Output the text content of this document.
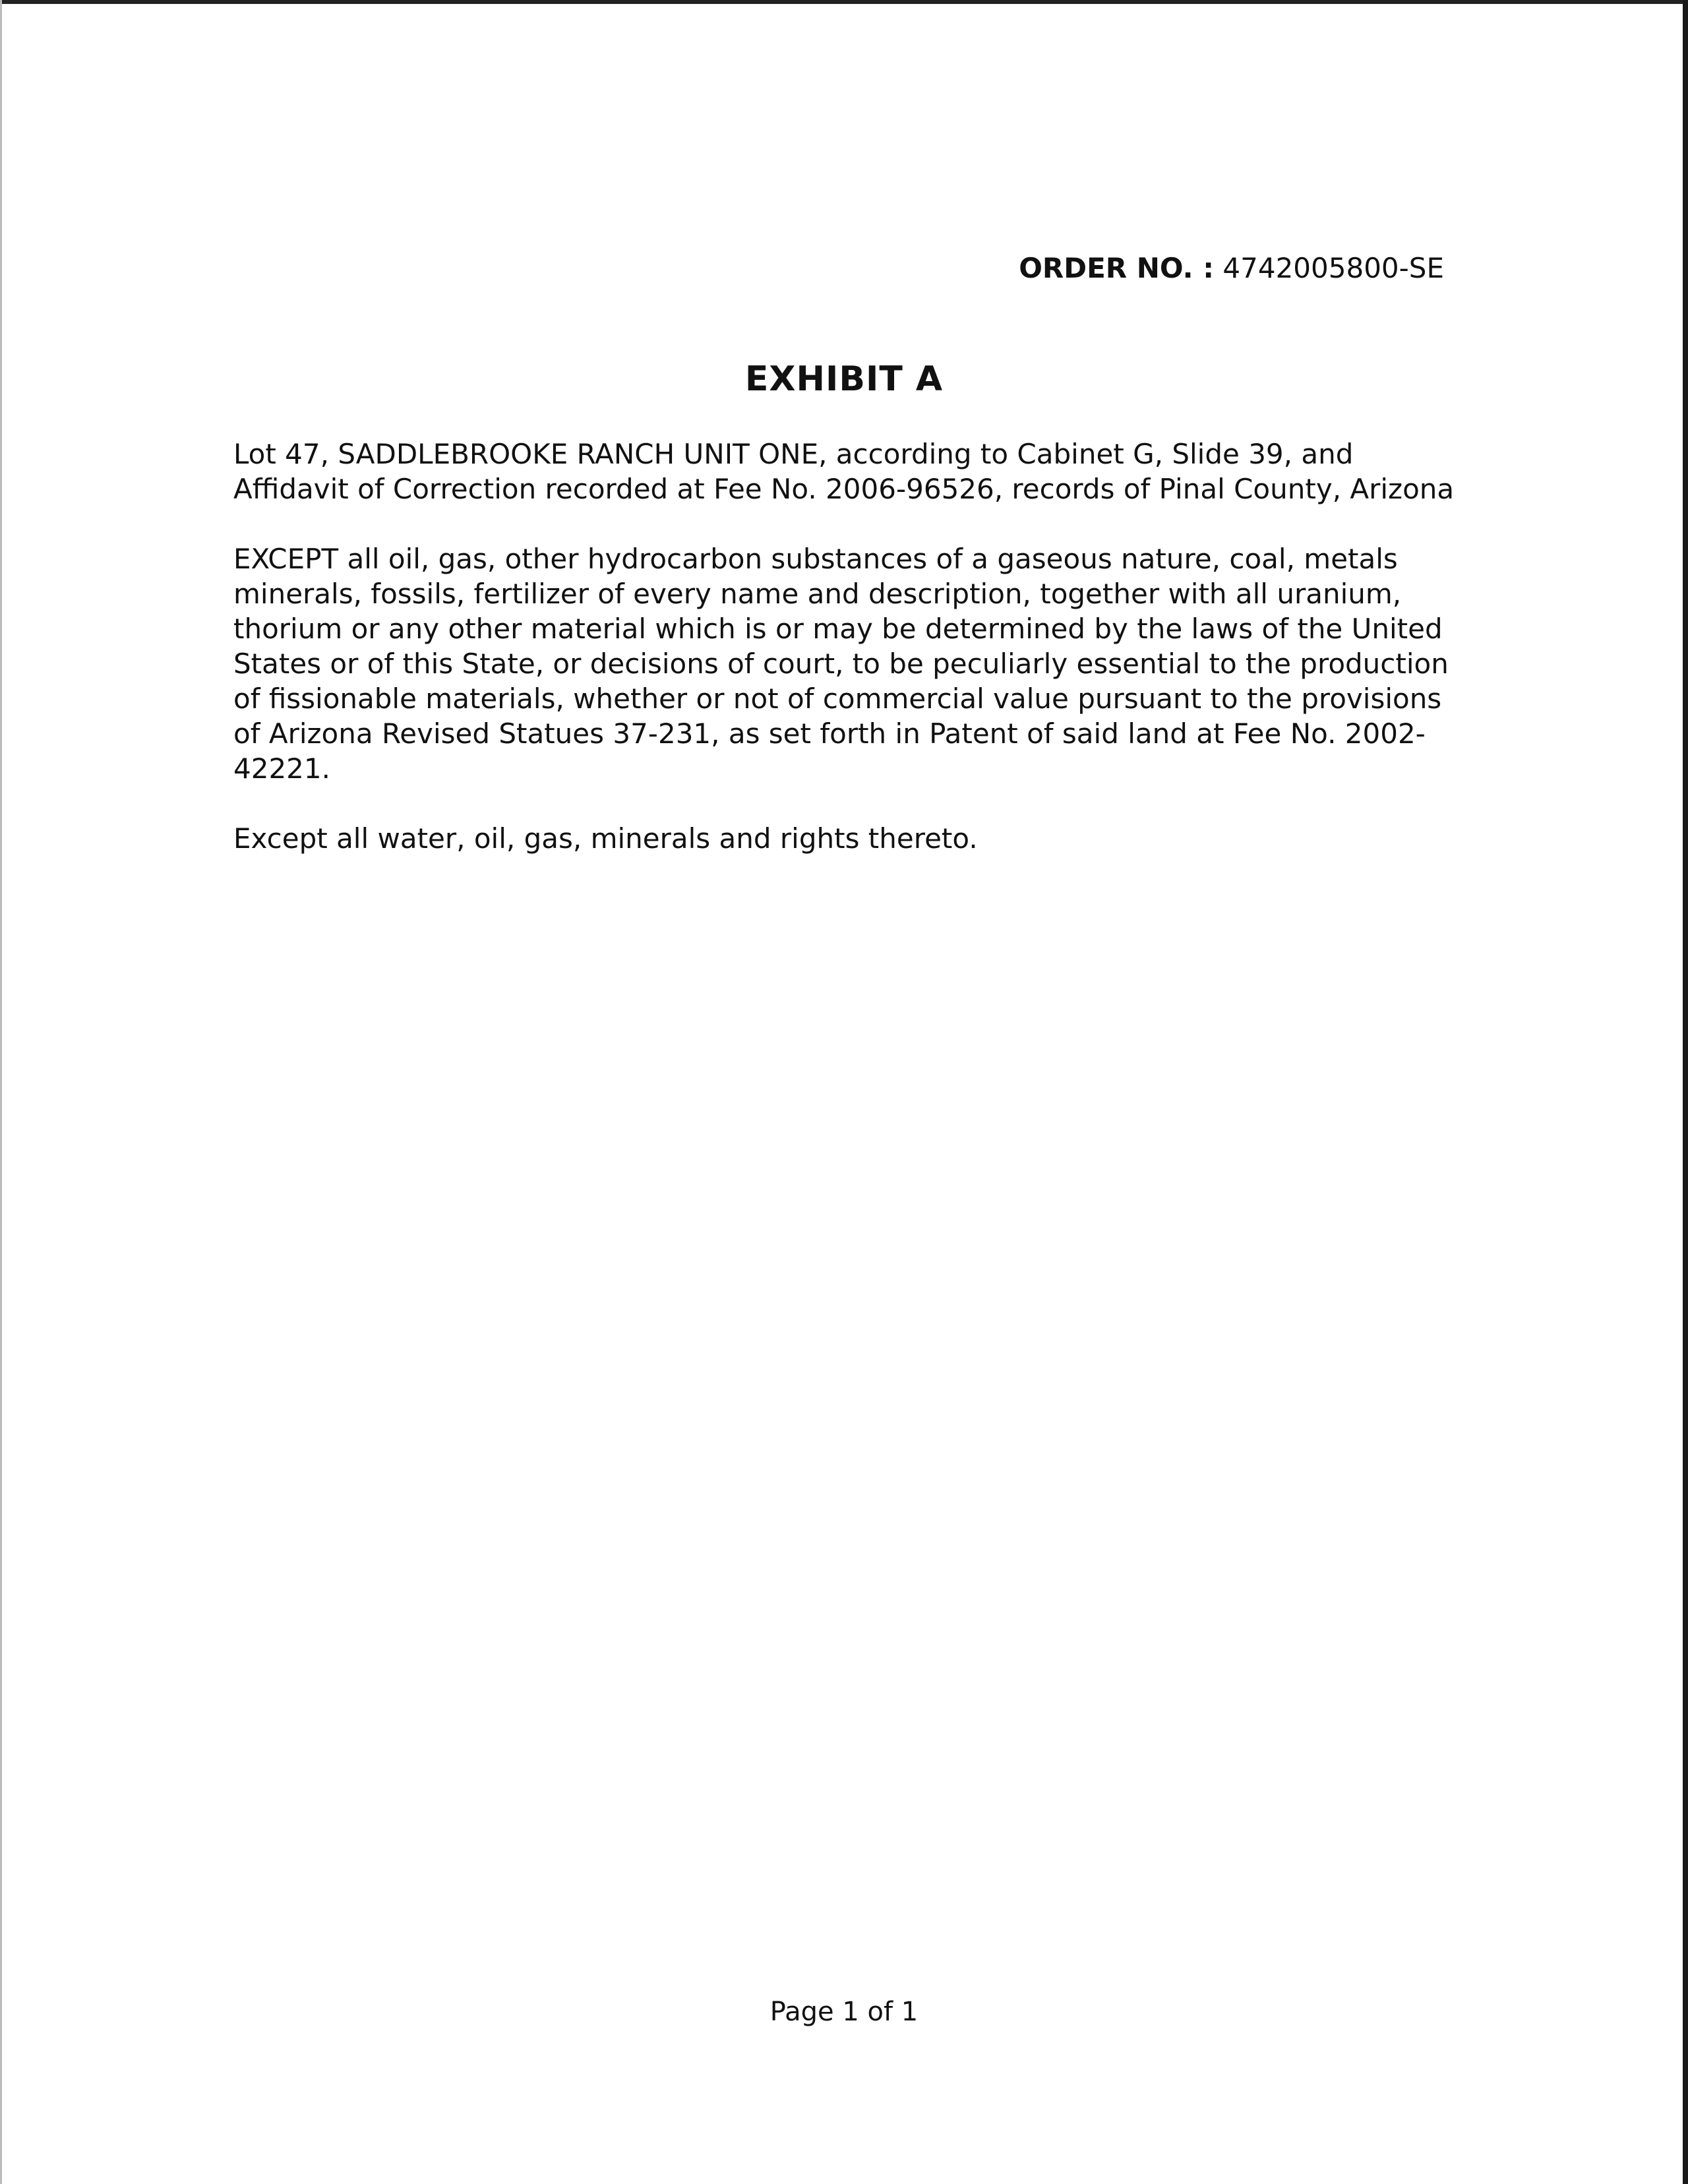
ORDER NO. : 4742005800-SE
EXHIBIT A

Lot 47, SADDLEBROOKE RANCH UNIT ONE, according to Cabinet G, Slide 39, and Affidavit of Correction recorded at Fee No. 2006-96526, records of Pinal County, Arizona

EXCEPT all oil, gas, other hydrocarbon substances of a gaseous nature, coal, metals minerals, fossils, fertilizer of every name and description, together with all uranium, thorium or any other material which is or may be determined by the laws of the United States or of this State, or decisions of court, to be peculiarly essential to the production of fissionable materials, whether or not of commercial value pursuant to the provisions of Arizona Revised Statues 37-231, as set forth in Patent of said land at Fee No. 2002-42221.

Except all water, oil, gas, minerals and rights thereto.

Page 1 of 1
